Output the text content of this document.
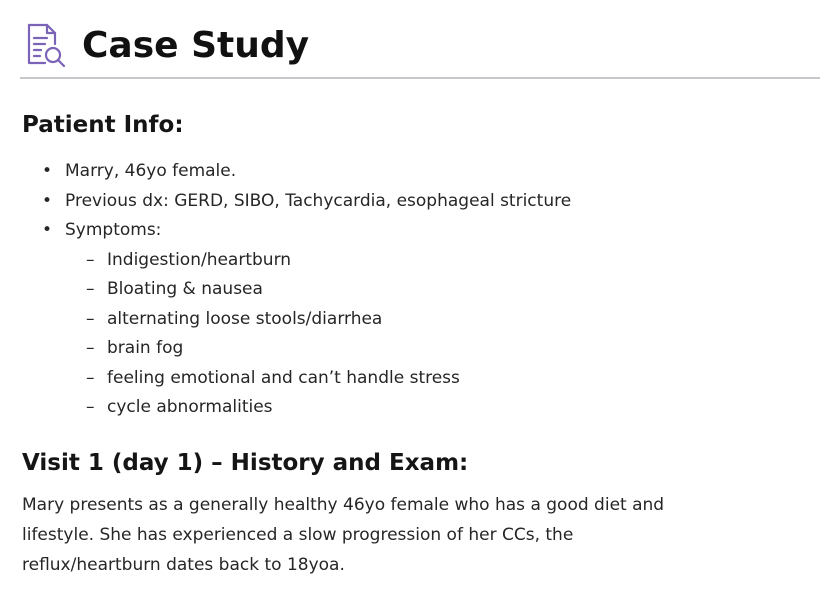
Case Study
Patient Info:
• Marry, 46yo female.
• Previous dx: GERD, SIBO, Tachycardia, esophageal stricture
• Symptoms:
– Indigestion/heartburn
– Bloating & nausea
– alternating loose stools/diarrhea
– brain fog
– feeling emotional and can’t handle stress
– cycle abnormalities
Visit 1 (day 1) – History and Exam:

Mary presents as a generally healthy 46yo female who has a good diet and
lifestyle. She has experienced a slow progression of her CCs, the
reflux/heartburn dates back to 18yoa.
